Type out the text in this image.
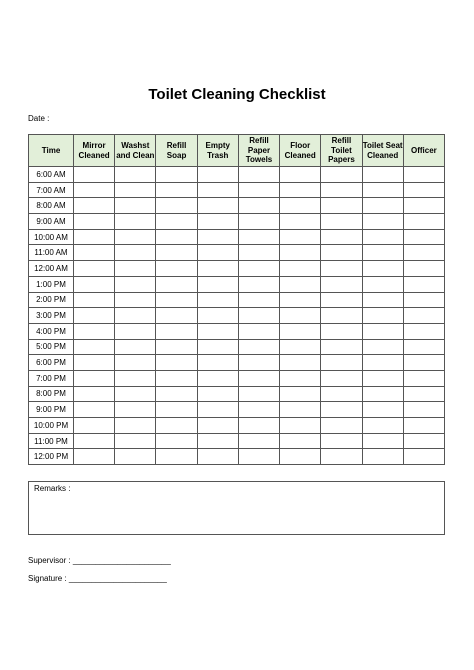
Toilet Cleaning Checklist
Date :
Time	Mirror Cleaned	Washst and Clean	Refill Soap	Empty Trash	Refill Paper Towels	Floor Cleaned	Refill Toilet Papers	Toilet Seat Cleaned	Officer
6:00 AM									
7:00 AM									
8:00 AM									
9:00 AM									
10:00 AM									
11:00 AM									
12:00 AM									
1:00 PM									
2:00 PM									
3:00 PM									
4:00 PM									
5:00 PM									
6:00 PM									
7:00 PM									
8:00 PM									
9:00 PM									
10:00 PM									
11:00 PM									
12:00 PM									
Remarks :
Supervisor : ______________________
Signature : ______________________
